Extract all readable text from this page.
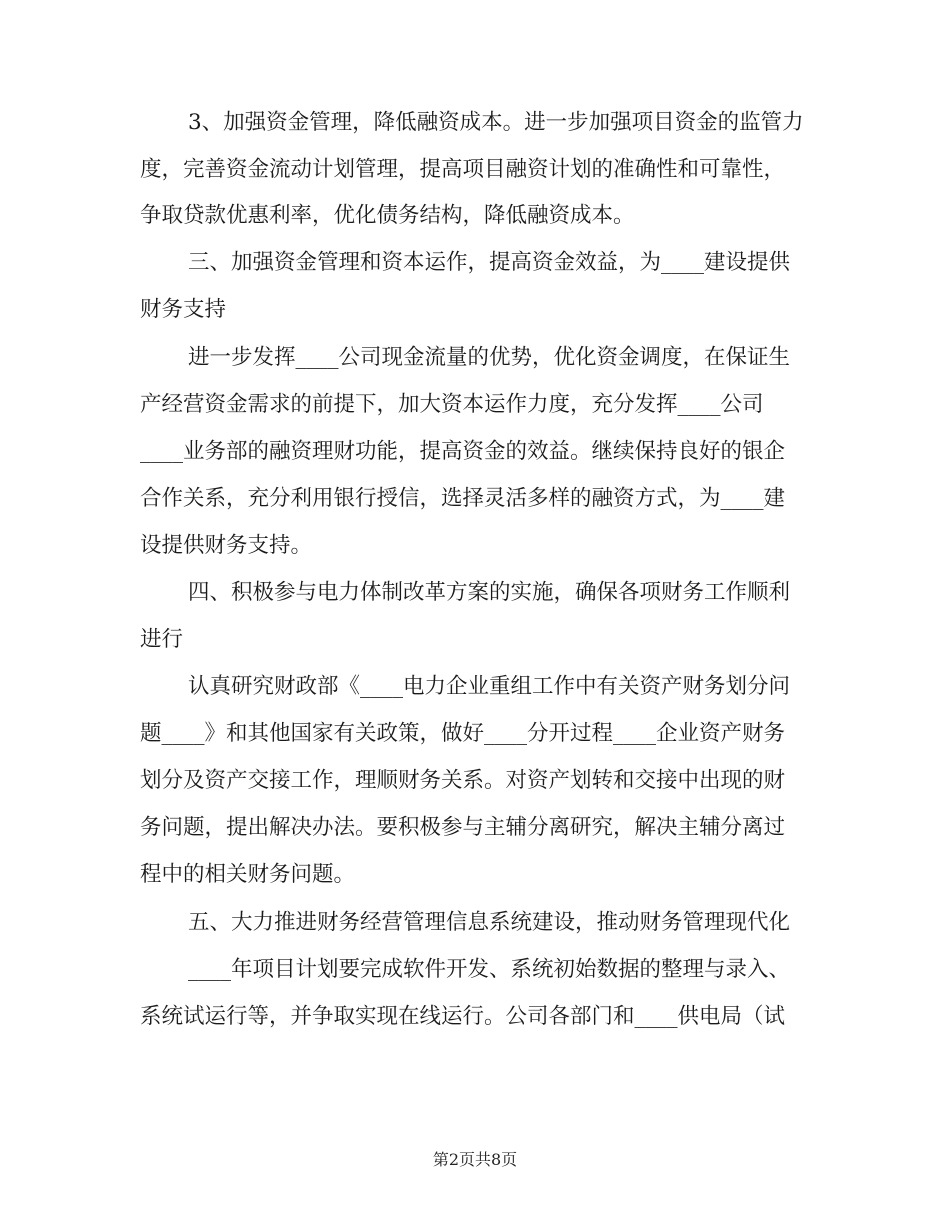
3、加强资金管理，降低融资成本。进一步加强项目资金的监管力
度，完善资金流动计划管理，提高项目融资计划的准确性和可靠性，
争取贷款优惠利率，优化债务结构，降低融资成本。
三、加强资金管理和资本运作，提高资金效益，为____建设提供
财务支持
进一步发挥____公司现金流量的优势，优化资金调度，在保证生
产经营资金需求的前提下，加大资本运作力度，充分发挥____公司
____业务部的融资理财功能，提高资金的效益。继续保持良好的银企
合作关系，充分利用银行授信，选择灵活多样的融资方式，为____建
设提供财务支持。
四、积极参与电力体制改革方案的实施，确保各项财务工作顺利
进行
认真研究财政部《____电力企业重组工作中有关资产财务划分问
题____》和其他国家有关政策，做好____分开过程____企业资产财务
划分及资产交接工作，理顺财务关系。对资产划转和交接中出现的财
务问题，提出解决办法。要积极参与主辅分离研究，解决主辅分离过
程中的相关财务问题。
五、大力推进财务经营管理信息系统建设，推动财务管理现代化
____年项目计划要完成软件开发、系统初始数据的整理与录入、
系统试运行等，并争取实现在线运行。公司各部门和____供电局（试
第2页共8页
